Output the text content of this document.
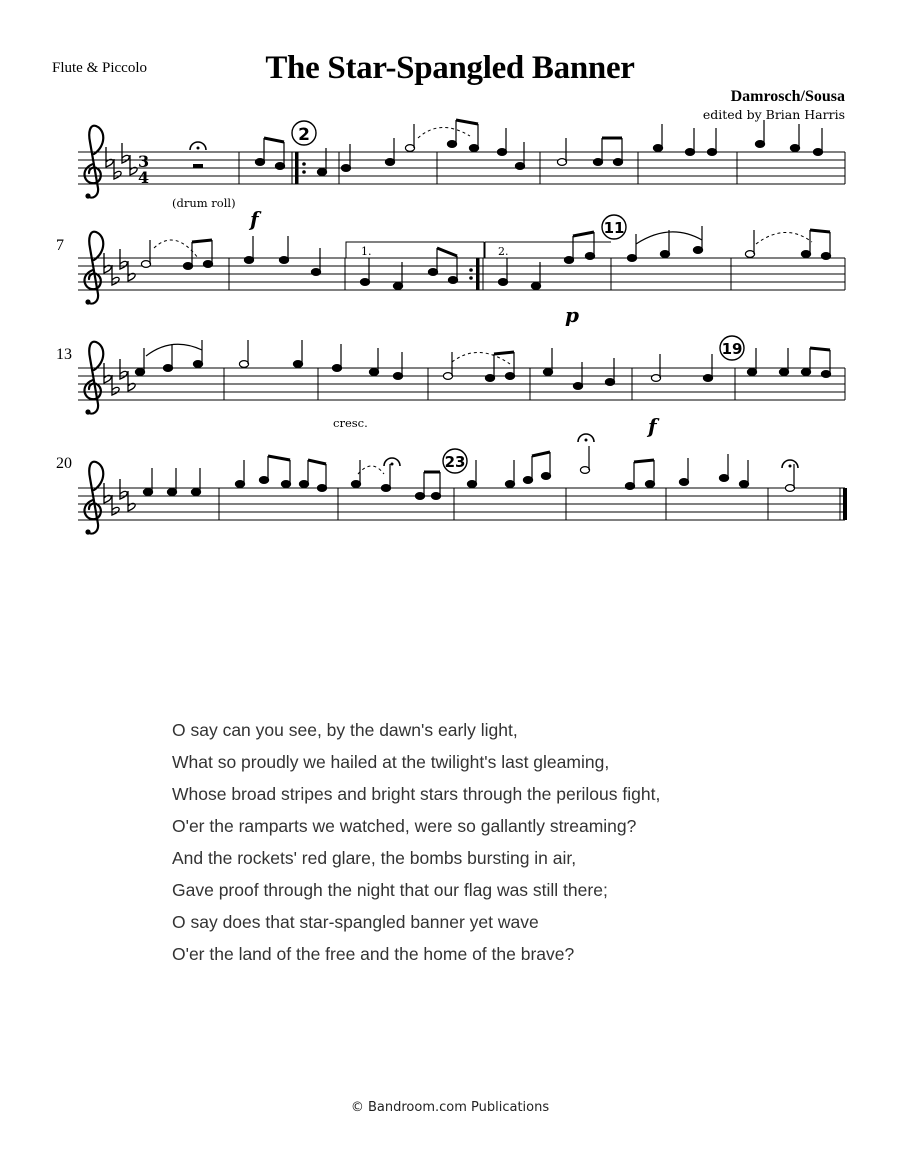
Flute & Piccolo	The Star-Spangled Banner
Damrosch/Sousa
edited by Brian Harris
3
4
(drum roll)
f
2
7	1.	2.
p
11
13
cresc.	f
19
20	23
O say can you see, by the dawn's early light,
What so proudly we hailed at the twilight's last gleaming,
Whose broad stripes and bright stars through the perilous fight,
O'er the ramparts we watched, were so gallantly streaming?
And the rockets' red glare, the bombs bursting in air,
Gave proof through the night that our flag was still there;
O say does that star-spangled banner yet wave
O'er the land of the free and the home of the brave?
© Bandroom.com Publications
